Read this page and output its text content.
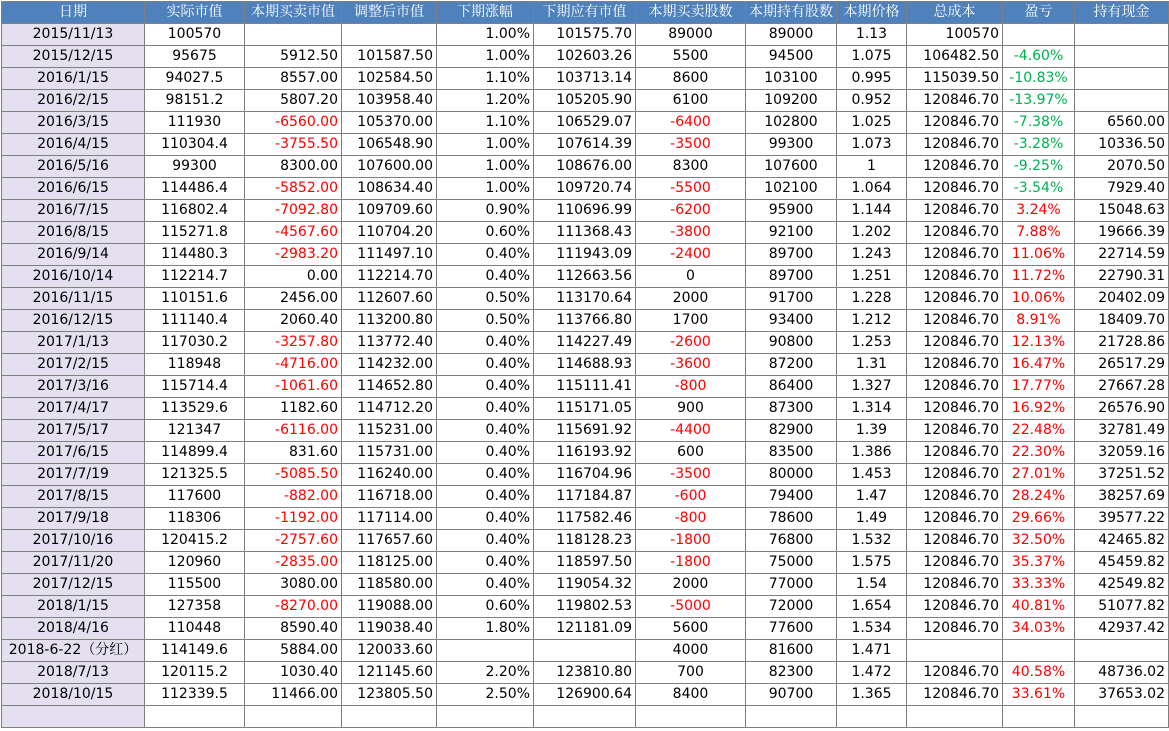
日期	实际市值	本期买卖市值	调整后市值	下期涨幅	下期应有市值	本期买卖股数	本期持有股数	本期价格	总成本	盈亏	持有现金
2015/11/13	100570			1.00%	101575.70	89000	89000	1.13	100570		
2015/12/15	95675	5912.50	101587.50	1.00%	102603.26	5500	94500	1.075	106482.50	-4.60%	
2016/1/15	94027.5	8557.00	102584.50	1.10%	103713.14	8600	103100	0.995	115039.50	-10.83%	
2016/2/15	98151.2	5807.20	103958.40	1.20%	105205.90	6100	109200	0.952	120846.70	-13.97%	
2016/3/15	111930	-6560.00	105370.00	1.10%	106529.07	-6400	102800	1.025	120846.70	-7.38%	6560.00
2016/4/15	110304.4	-3755.50	106548.90	1.00%	107614.39	-3500	99300	1.073	120846.70	-3.28%	10336.50
2016/5/16	99300	8300.00	107600.00	1.00%	108676.00	8300	107600	1	120846.70	-9.25%	2070.50
2016/6/15	114486.4	-5852.00	108634.40	1.00%	109720.74	-5500	102100	1.064	120846.70	-3.54%	7929.40
2016/7/15	116802.4	-7092.80	109709.60	0.90%	110696.99	-6200	95900	1.144	120846.70	3.24%	15048.63
2016/8/15	115271.8	-4567.60	110704.20	0.60%	111368.43	-3800	92100	1.202	120846.70	7.88%	19666.39
2016/9/14	114480.3	-2983.20	111497.10	0.40%	111943.09	-2400	89700	1.243	120846.70	11.06%	22714.59
2016/10/14	112214.7	0.00	112214.70	0.40%	112663.56	0	89700	1.251	120846.70	11.72%	22790.31
2016/11/15	110151.6	2456.00	112607.60	0.50%	113170.64	2000	91700	1.228	120846.70	10.06%	20402.09
2016/12/15	111140.4	2060.40	113200.80	0.50%	113766.80	1700	93400	1.212	120846.70	8.91%	18409.70
2017/1/13	117030.2	-3257.80	113772.40	0.40%	114227.49	-2600	90800	1.253	120846.70	12.13%	21728.86
2017/2/15	118948	-4716.00	114232.00	0.40%	114688.93	-3600	87200	1.31	120846.70	16.47%	26517.29
2017/3/16	115714.4	-1061.60	114652.80	0.40%	115111.41	-800	86400	1.327	120846.70	17.77%	27667.28
2017/4/17	113529.6	1182.60	114712.20	0.40%	115171.05	900	87300	1.314	120846.70	16.92%	26576.90
2017/5/17	121347	-6116.00	115231.00	0.40%	115691.92	-4400	82900	1.39	120846.70	22.48%	32781.49
2017/6/15	114899.4	831.60	115731.00	0.40%	116193.92	600	83500	1.386	120846.70	22.30%	32059.16
2017/7/19	121325.5	-5085.50	116240.00	0.40%	116704.96	-3500	80000	1.453	120846.70	27.01%	37251.52
2017/8/15	117600	-882.00	116718.00	0.40%	117184.87	-600	79400	1.47	120846.70	28.24%	38257.69
2017/9/18	118306	-1192.00	117114.00	0.40%	117582.46	-800	78600	1.49	120846.70	29.66%	39577.22
2017/10/16	120415.2	-2757.60	117657.60	0.40%	118128.23	-1800	76800	1.532	120846.70	32.50%	42465.82
2017/11/20	120960	-2835.00	118125.00	0.40%	118597.50	-1800	75000	1.575	120846.70	35.37%	45459.82
2017/12/15	115500	3080.00	118580.00	0.40%	119054.32	2000	77000	1.54	120846.70	33.33%	42549.82
2018/1/15	127358	-8270.00	119088.00	0.60%	119802.53	-5000	72000	1.654	120846.70	40.81%	51077.82
2018/4/16	110448	8590.40	119038.40	1.80%	121181.09	5600	77600	1.534	120846.70	34.03%	42937.42
2018-6-22（分红）	114149.6	5884.00	120033.60			4000	81600	1.471			
2018/7/13	120115.2	1030.40	121145.60	2.20%	123810.80	700	82300	1.472	120846.70	40.58%	48736.02
2018/10/15	112339.5	11466.00	123805.50	2.50%	126900.64	8400	90700	1.365	120846.70	33.61%	37653.02
